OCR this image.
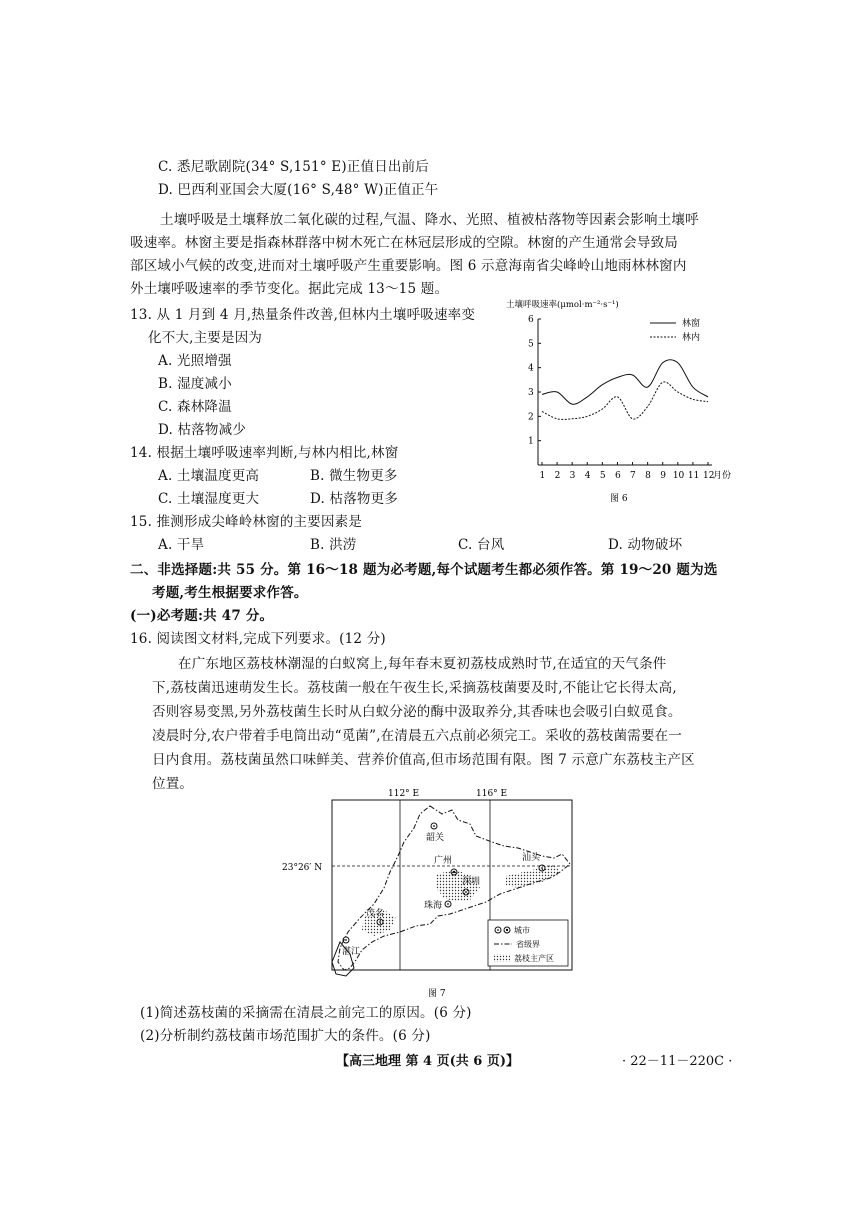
C. 悉尼歌剧院(34° S,151° E)正值日出前后
D. 巴西利亚国会大厦(16° S,48° W)正值正午
土壤呼吸是土壤释放二氧化碳的过程,气温、降水、光照、植被枯落物等因素会影响土壤呼
吸速率。林窗主要是指森林群落中树木死亡在林冠层形成的空隙。林窗的产生通常会导致局
部区域小气候的改变,进而对土壤呼吸产生重要影响。图 6 示意海南省尖峰岭山地雨林林窗内
外土壤呼吸速率的季节变化。据此完成 13～15 题。
13. 从 1 月到 4 月,热量条件改善,但林内土壤呼吸速率变
化不大,主要是因为
A. 光照增强
B. 湿度减小
C. 森林降温
D. 枯落物减少
14. 根据土壤呼吸速率判断,与林内相比,林窗
A. 土壤温度更高	B. 微生物更多
C. 土壤湿度更大	D. 枯落物更多
15. 推测形成尖峰岭林窗的主要因素是
A. 干旱	B. 洪涝	C. 台风	D. 动物破坏
二、非选择题:共 55 分。第 16～18 题为必考题,每个试题考生都必须作答。第 19～20 题为选
考题,考生根据要求作答。
(一)必考题:共 47 分。
16. 阅读图文材料,完成下列要求。(12 分)
在广东地区荔枝林潮湿的白蚁窝上,每年春末夏初荔枝成熟时节,在适宜的天气条件
下,荔枝菌迅速萌发生长。荔枝菌一般在午夜生长,采摘荔枝菌要及时,不能让它长得太高,
否则容易变黑,另外荔枝菌生长时从白蚁分泌的酶中汲取养分,其香味也会吸引白蚁觅食。
凌晨时分,农户带着手电筒出动“觅菌”,在清晨五六点前必须完工。采收的荔枝菌需要在一
日内食用。荔枝菌虽然口味鲜美、营养价值高,但市场范围有限。图 7 示意广东荔枝主产区
位置。
土壤呼吸速率(μmol·m⁻²·s⁻¹)
1
2
3
4
5
6
1 2 3 4 5 6 7 8 9 10 11 12
月份
林窗
林内
图 6
112° E	116° E
23°26′ N
韶关
广州	汕头
深圳
珠海
茂名
湛江
城市
省级界
荔枝主产区
图 7
(1)简述荔枝菌的采摘需在清晨之前完工的原因。(6 分)
(2)分析制约荔枝菌市场范围扩大的条件。(6 分)
【高三地理 第 4 页(共 6 页)】	· 22－11－220C ·
